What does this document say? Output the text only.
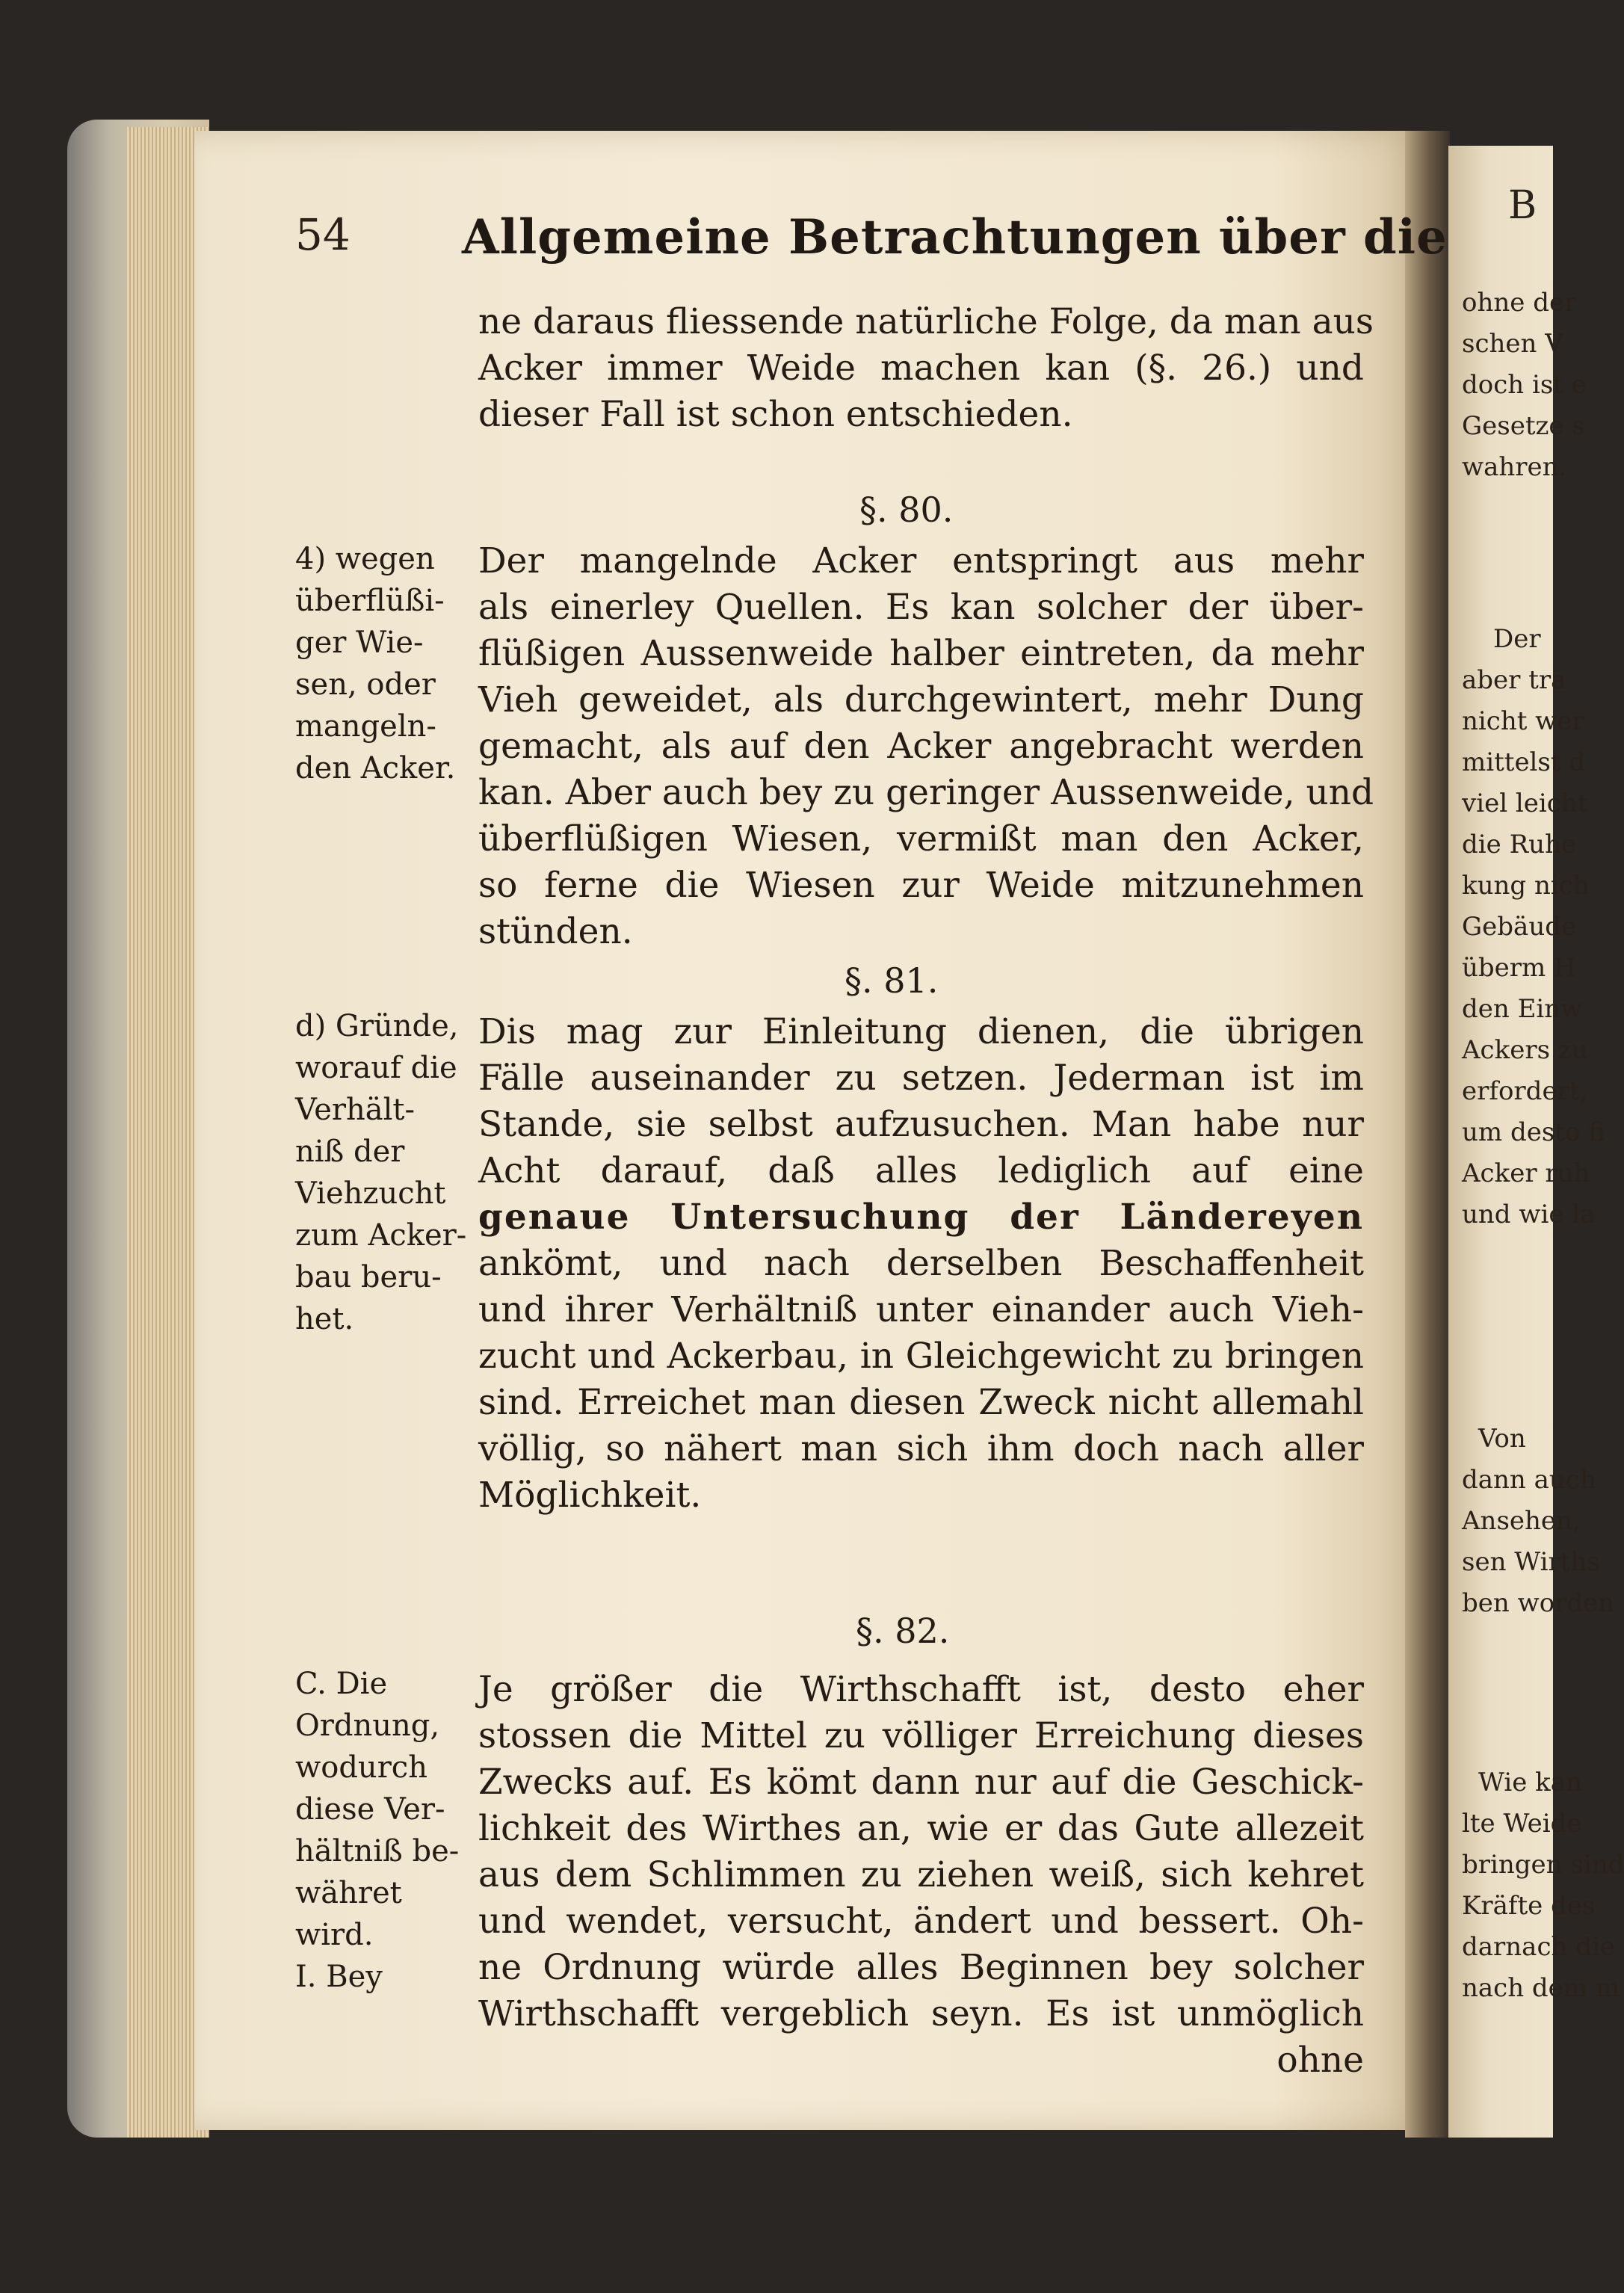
B
ohne der
schen V
doch ist e
Gesetze s
wahren.
Der
aber tra
nicht wer
mittelst d
viel leicht
die Ruhe
kung nich
Gebäude
überm H
den Einw
Ackers zu
erfordert,
um desto fi
Acker ruh
und wie la
Von
dann auch
Ansehen,
sen Wirths
ben worden
Wie kan
lte Weide
bringen sind
Kräfte des
darnach die
nach dem m
54 Allgemeine Betrachtungen über die
ne daraus fliessende natürliche Folge, da man aus
Acker immer Weide machen kan (§. 26.) und
dieser Fall ist schon entschieden.
§. 80.
4) wegen
überflüßi-
ger Wie-
sen, oder
mangeln-
den Acker.
Der mangelnde Acker entspringt aus mehr
als einerley Quellen. Es kan solcher der über-
flüßigen Aussenweide halber eintreten, da mehr
Vieh geweidet, als durchgewintert, mehr Dung
gemacht, als auf den Acker angebracht werden
kan. Aber auch bey zu geringer Aussenweide, und
überflüßigen Wiesen, vermißt man den Acker,
so ferne die Wiesen zur Weide mitzunehmen
stünden.
§. 81.
d) Gründe,
worauf die
Verhält-
niß der
Viehzucht
zum Acker-
bau beru-
het.
Dis mag zur Einleitung dienen, die übrigen
Fälle auseinander zu setzen. Jederman ist im
Stande, sie selbst aufzusuchen. Man habe nur
Acht darauf, daß alles lediglich auf eine
genaue Untersuchung der Ländereyen
ankömt, und nach derselben Beschaffenheit
und ihrer Verhältniß unter einander auch Vieh-
zucht und Ackerbau, in Gleichgewicht zu bringen
sind. Erreichet man diesen Zweck nicht allemahl
völlig, so nähert man sich ihm doch nach aller
Möglichkeit.
§. 82.
C. Die
Ordnung,
wodurch
diese Ver-
hältniß be-
währet
wird.
I. Bey
Je größer die Wirthschafft ist, desto eher
stossen die Mittel zu völliger Erreichung dieses
Zwecks auf. Es kömt dann nur auf die Geschick-
lichkeit des Wirthes an, wie er das Gute allezeit
aus dem Schlimmen zu ziehen weiß, sich kehret
und wendet, versucht, ändert und bessert. Oh-
ne Ordnung würde alles Beginnen bey solcher
Wirthschafft vergeblich seyn. Es ist unmöglich
ohne
